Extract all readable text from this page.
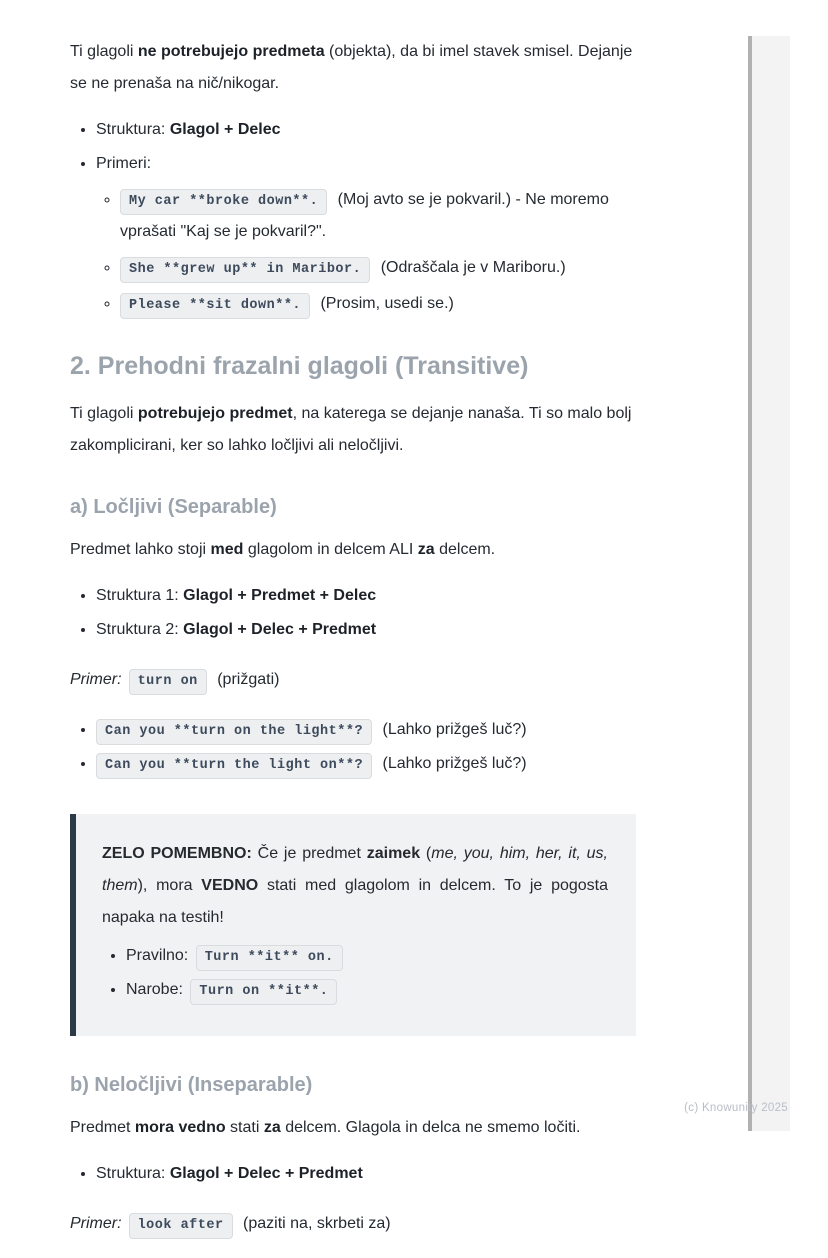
Ti glagoli ne potrebujejo predmeta (objekta), da bi imel stavek smisel. Dejanje se ne prenaša na nič/nikogar.

• Struktura: Glagol + Delec
• Primeri:
◦ My car **broke down**. (Moj avto se je pokvaril.) - Ne moremo vprašati "Kaj se je pokvaril?".
◦ She **grew up** in Maribor. (Odraščala je v Mariboru.)
◦ Please **sit down**. (Prosim, usedi se.)
2. Prehodni frazalni glagoli (Transitive)

Ti glagoli potrebujejo predmet, na katerega se dejanje nanaša. Ti so malo bolj zakomplicirani, ker so lahko ločljivi ali neločljivi.

a) Ločljivi (Separable)

Predmet lahko stoji med glagolom in delcem ALI za delcem.

• Struktura 1: Glagol + Predmet + Delec
• Struktura 2: Glagol + Delec + Predmet

Primer: turn on (prižgati)

• Can you **turn on the light**? (Lahko prižgeš luč?)
• Can you **turn the light on**? (Lahko prižgeš luč?)

ZELO POMEMBNO: Če je predmet zaimek (me, you, him, her, it, us, them), mora VEDNO stati med glagolom in delcem. To je pogosta napaka na testih!

• Pravilno: Turn **it** on.
• Narobe: Turn on **it**.
b) Neločljivi (Inseparable)

Predmet mora vedno stati za delcem. Glagola in delca ne smemo ločiti.

• Struktura: Glagol + Delec + Predmet

Primer: look after (paziti na, skrbeti za)

(c) Knowunity 2025
